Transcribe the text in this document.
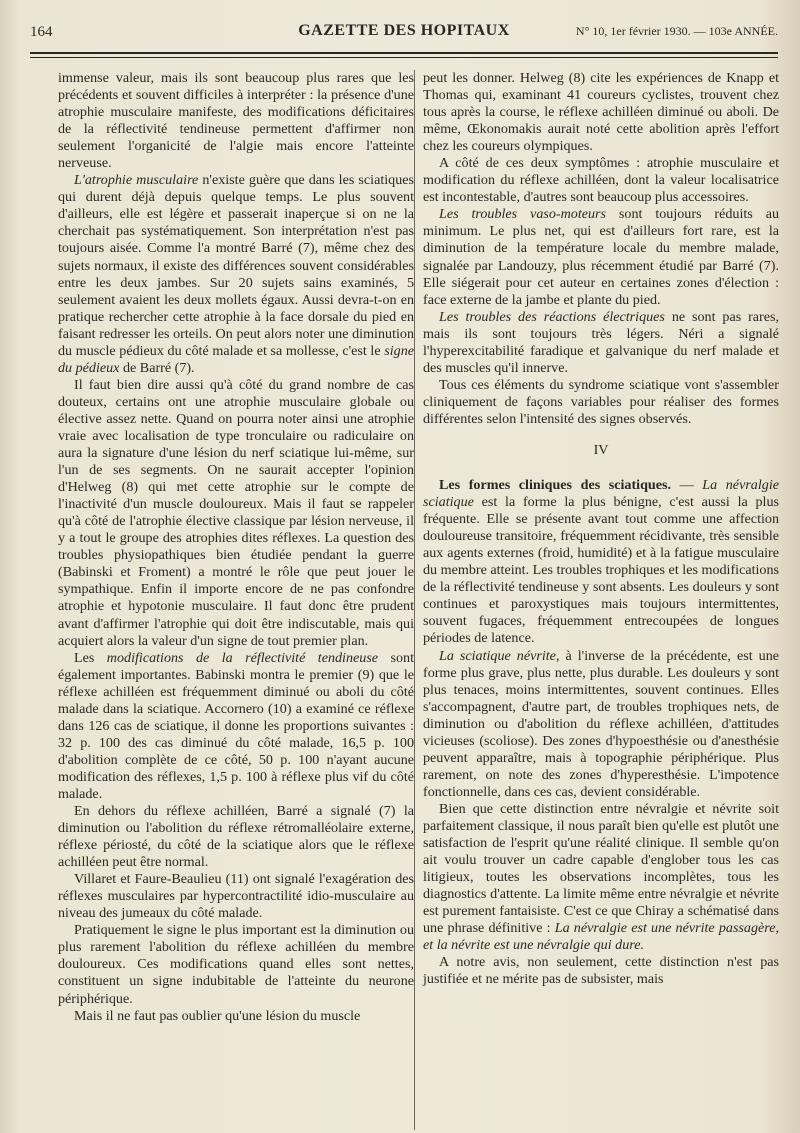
164	GAZETTE DES HOPITAUX	N° 10, 1er février 1930. — 103e ANNÉE.

immense valeur, mais ils sont beaucoup plus rares que les précédents et souvent difficiles à interpréter : la présence d'une atrophie musculaire manifeste, des modifications déficitaires de la réflectivité tendineuse permettent d'affirmer non seulement l'organicité de l'algie mais encore l'atteinte nerveuse.

L'atrophie musculaire n'existe guère que dans les sciatiques qui durent déjà depuis quelque temps. Le plus souvent d'ailleurs, elle est légère et passerait inaperçue si on ne la cherchait pas systématiquement. Son interprétation n'est pas toujours aisée. Comme l'a montré Barré (7), même chez des sujets normaux, il existe des différences souvent considérables entre les deux jambes. Sur 20 sujets sains examinés, 5 seulement avaient les deux mollets égaux. Aussi devra-t-on en pratique rechercher cette atrophie à la face dorsale du pied en faisant redresser les orteils. On peut alors noter une diminution du muscle pédieux du côté malade et sa mollesse, c'est le signe du pédieux de Barré (7).

Il faut bien dire aussi qu'à côté du grand nombre de cas douteux, certains ont une atrophie musculaire globale ou élective assez nette. Quand on pourra noter ainsi une atrophie vraie avec localisation de type tronculaire ou radiculaire on aura la signature d'une lésion du nerf sciatique lui-même, sur l'un de ses segments. On ne saurait accepter l'opinion d'Helweg (8) qui met cette atrophie sur le compte de l'inactivité d'un muscle douloureux. Mais il faut se rappeler qu'à côté de l'atrophie élective classique par lésion nerveuse, il y a tout le groupe des atrophies dites réflexes. La question des troubles physiopathiques bien étudiée pendant la guerre (Babinski et Froment) a montré le rôle que peut jouer le sympathique. Enfin il importe encore de ne pas confondre atrophie et hypotonie musculaire. Il faut donc être prudent avant d'affirmer l'atrophie qui doit être indiscutable, mais qui acquiert alors la valeur d'un signe de tout premier plan.

Les modifications de la réflectivité tendineuse sont également importantes. Babinski montra le premier (9) que le réflexe achilléen est fréquemment diminué ou aboli du côté malade dans la sciatique. Accornero (10) a examiné ce réflexe dans 126 cas de sciatique, il donne les proportions suivantes : 32 p. 100 des cas diminué du côté malade, 16,5 p. 100 d'abolition complète de ce côté, 50 p. 100 n'ayant aucune modification des réflexes, 1,5 p. 100 à réflexe plus vif du côté malade.

En dehors du réflexe achilléen, Barré a signalé (7) la diminution ou l'abolition du réflexe rétromalléolaire externe, réflexe périosté, du côté de la sciatique alors que le réflexe achilléen peut être normal.

Villaret et Faure-Beaulieu (11) ont signalé l'exagération des réflexes musculaires par hypercontractilité idio-musculaire au niveau des jumeaux du côté malade.

Pratiquement le signe le plus important est la diminution ou plus rarement l'abolition du réflexe achilléen du membre douloureux. Ces modifications quand elles sont nettes, constituent un signe indubitable de l'atteinte du neurone périphérique.

Mais il ne faut pas oublier qu'une lésion du muscle

peut les donner. Helweg (8) cite les expériences de Knapp et Thomas qui, examinant 41 coureurs cyclistes, trouvent chez tous après la course, le réflexe achilléen diminué ou aboli. De même, Œkonomakis aurait noté cette abolition après l'effort chez les coureurs olympiques.

A côté de ces deux symptômes : atrophie musculaire et modification du réflexe achilléen, dont la valeur localisatrice est incontestable, d'autres sont beaucoup plus accessoires.

Les troubles vaso-moteurs sont toujours réduits au minimum. Le plus net, qui est d'ailleurs fort rare, est la diminution de la température locale du membre malade, signalée par Landouzy, plus récemment étudié par Barré (7). Elle siégerait pour cet auteur en certaines zones d'élection : face externe de la jambe et plante du pied.

Les troubles des réactions électriques ne sont pas rares, mais ils sont toujours très légers. Néri a signalé l'hyperexcitabilité faradique et galvanique du nerf malade et des muscles qu'il innerve.

Tous ces éléments du syndrome sciatique vont s'assembler cliniquement de façons variables pour réaliser des formes différentes selon l'intensité des signes observés.

IV

Les formes cliniques des sciatiques. — La névralgie sciatique est la forme la plus bénigne, c'est aussi la plus fréquente. Elle se présente avant tout comme une affection douloureuse transitoire, fréquemment récidivante, très sensible aux agents externes (froid, humidité) et à la fatigue musculaire du membre atteint. Les troubles trophiques et les modifications de la réflectivité tendineuse y sont absents. Les douleurs y sont continues et paroxystiques mais toujours intermittentes, souvent fugaces, fréquemment entrecoupées de longues périodes de latence.

La sciatique névrite, à l'inverse de la précédente, est une forme plus grave, plus nette, plus durable. Les douleurs y sont plus tenaces, moins intermittentes, souvent continues. Elles s'accompagnent, d'autre part, de troubles trophiques nets, de diminution ou d'abolition du réflexe achilléen, d'attitudes vicieuses (scoliose). Des zones d'hypoesthésie ou d'anesthésie peuvent apparaître, mais à topographie périphérique. Plus rarement, on note des zones d'hyperesthésie. L'impotence fonctionnelle, dans ces cas, devient considérable.

Bien que cette distinction entre névralgie et névrite soit parfaitement classique, il nous paraît bien qu'elle est plutôt une satisfaction de l'esprit qu'une réalité clinique. Il semble qu'on ait voulu trouver un cadre capable d'englober tous les cas litigieux, toutes les observations incomplètes, tous les diagnostics d'attente. La limite même entre névralgie et névrite est purement fantaisiste. C'est ce que Chiray a schématisé dans une phrase définitive : La névralgie est une névrite passagère, et la névrite est une névralgie qui dure.

A notre avis, non seulement, cette distinction n'est pas justifiée et ne mérite pas de subsister, mais
